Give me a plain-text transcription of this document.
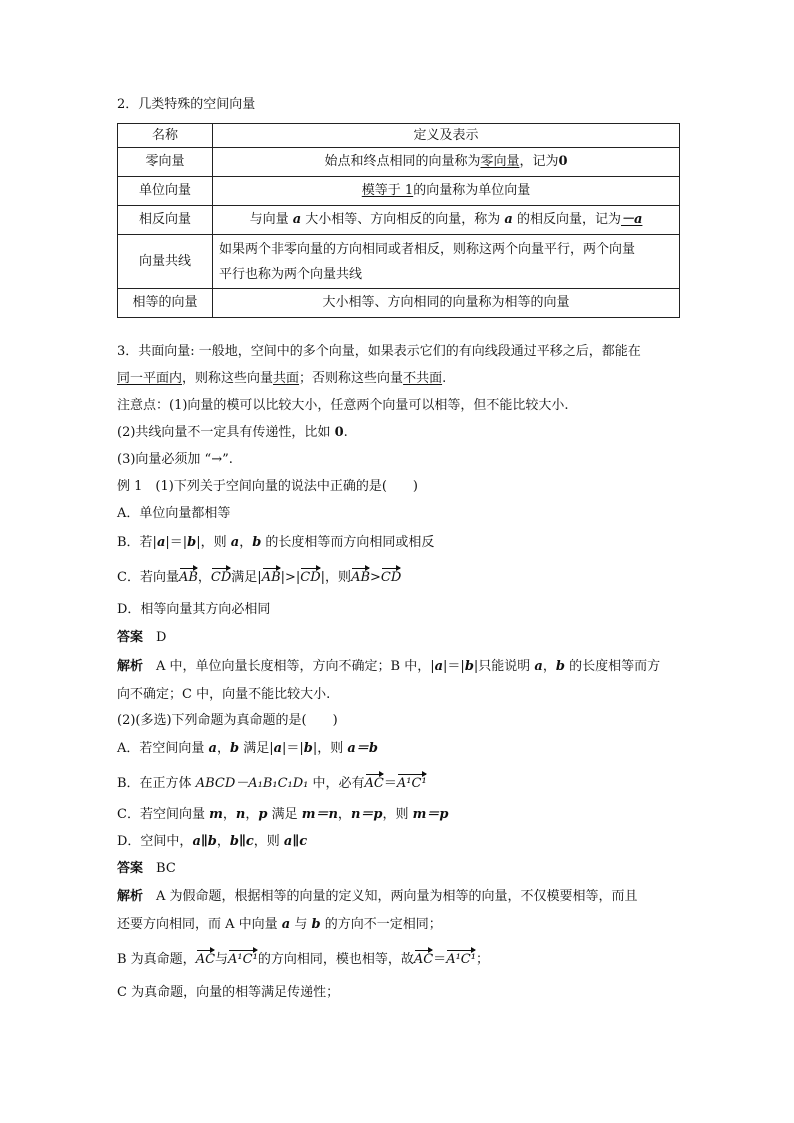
2．几类特殊的空间向量
名称	定义及表示
零向量	始点和终点相同的向量称为零向量，记为0
单位向量	模等于 1的向量称为单位向量
相反向量	与向量 a 大小相等、方向相反的向量，称为 a 的相反向量，记为－a
向量共线	如果两个非零向量的方向相同或者相反，则称这两个向量平行，两个向量
平行也称为两个向量共线

相等的向量	大小相等、方向相同的向量称为相等的向量
3．共面向量: 一般地，空间中的多个向量，如果表示它们的有向线段通过平移之后，都能在
同一平面内，则称这些向量共面；否则称这些向量不共面.
注意点：(1)向量的模可以比较大小，任意两个向量可以相等，但不能比较大小.
(2)共线向量不一定具有传递性，比如 0.
(3)向量必须加 “→”.
例 1　(1)下列关于空间向量的说法中正确的是(　　)
A．单位向量都相等
B．若|a|＝|b|，则 a，b 的长度相等而方向相同或相反
C．若向量AB，CD满足|AB|>|CD|，则AB>CD
D．相等向量其方向必相同
答案　 D
解析　A 中，单位向量长度相等，方向不确定；B 中，|a|＝|b|只能说明 a，b 的长度相等而方
向不确定；C 中，向量不能比较大小.
(2)(多选)下列命题为真命题的是(　　)
A．若空间向量 a，b 满足|a|＝|b|，则 a＝b
B．在正方体 ABCD－A₁B₁C₁D₁ 中，必有AC＝A¹C¹
C．若空间向量 m，n，p 满足 m＝n，n＝p，则 m＝p
D．空间中，a∥b，b∥c，则 a∥c
答案　 BC
解析　A 为假命题，根据相等的向量的定义知，两向量为相等的向量，不仅模要相等，而且
还要方向相同，而 A 中向量 a 与 b 的方向不一定相同；
B 为真命题，AC与A¹C¹的方向相同，模也相等，故AC＝A¹C¹；
C 为真命题，向量的相等满足传递性；
